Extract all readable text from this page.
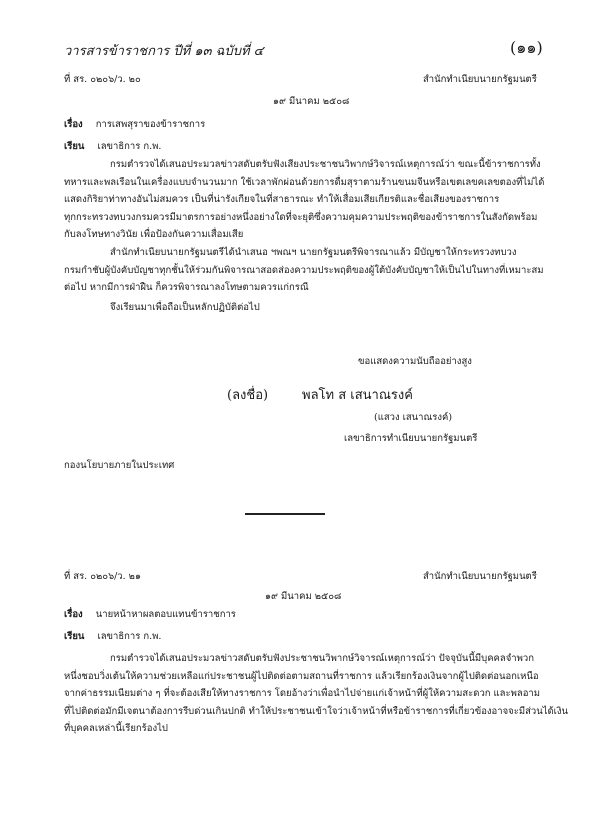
วารสารข้าราชการ ปีที่ ๑๓ ฉบับที่ ๔	(๑๑)
ที่ สร. ๐๒๐๖/ว. ๒๐	สำนักทำเนียบนายกรัฐมนตรี
๑๙ มีนาคม ๒๕๐๘
เรื่อง การเสพสุราของข้าราชการ
เรียน เลขาธิการ ก.พ.
กรมตำรวจได้เสนอประมวลข่าวสดับตรับฟังเสียงประชาชนวิพากษ์วิจารณ์เหตุการณ์ว่า ขณะนี้ข้าราชการทั้ง
ทหารและพลเรือนในเครื่องแบบจำนวนมาก ใช้เวลาพักผ่อนด้วยการดื่มสุราตามร้านขนมจีนหรือเขตเลขคเลขตองที่ไม่ได้
แสดงกิริยาท่าทางอันไม่สมควร เป็นที่น่ารังเกียจในที่สาธารณะ ทำให้เสื่อมเสียเกียรติและชื่อเสียงของราชการ
ทุกกระทรวงทบวงกรมควรมีมาตรการอย่างหนึ่งอย่างใดที่จะยุติซึ่งความคุมความประพฤติของข้าราชการในสังกัดพร้อม
กับลงโทษทางวินัย เพื่อป้องกันความเสื่อมเสีย
สำนักทำเนียบนายกรัฐมนตรีได้นำเสนอ ฯพณฯ นายกรัฐมนตรีพิจารณาแล้ว มีบัญชาให้กระทรวงทบวง
กรมกำชับผู้บังคับบัญชาทุกชั้นให้ร่วมกันพิจารณาสอดส่องความประพฤติของผู้ใต้บังคับบัญชาให้เป็นไปในทางที่เหมาะสม
ต่อไป หากมีการฝ่าฝืน ก็ควรพิจารณาลงโทษตามควรแก่กรณี
จึงเรียนมาเพื่อถือเป็นหลักปฏิบัติต่อไป
ขอแสดงความนับถืออย่างสูง
(ลงชื่อ)	พลโท ส เสนาณรงค์
(แสวง เสนาณรงค์)
เลขาธิการทำเนียบนายกรัฐมนตรี
กองนโยบายภายในประเทศ
ที่ สร. ๐๒๐๖/ว. ๒๑	สำนักทำเนียบนายกรัฐมนตรี
๑๙ มีนาคม ๒๕๐๘
เรื่อง นายหน้าหาผลตอบแทนข้าราชการ
เรียน เลขาธิการ ก.พ.
กรมตำรวจได้เสนอประมวลข่าวสดับตรับฟังประชาชนวิพากษ์วิจารณ์เหตุการณ์ว่า ปัจจุบันนี้มีบุคคลจำพวก
หนึ่งชอบวิ่งเต้นให้ความช่วยเหลือแก่ประชาชนผู้ไปติดต่อตามสถานที่ราชการ แล้วเรียกร้องเงินจากผู้ไปติดต่อนอกเหนือ
จากค่าธรรมเนียมต่าง ๆ ที่จะต้องเสียให้ทางราชการ โดยอ้างว่าเพื่อนำไปจ่ายแก่เจ้าหน้าที่ผู้ให้ความสะดวก และพลอาม
ที่ไปติดต่อมักมีเจตนาต้องการรีบด่วนเกินปกติ ทำให้ประชาชนเข้าใจว่าเจ้าหน้าที่หรือข้าราชการที่เกี่ยวข้องอาจจะมีส่วนได้เงิน
ที่บุคคลเหล่านี้เรียกร้องไป
